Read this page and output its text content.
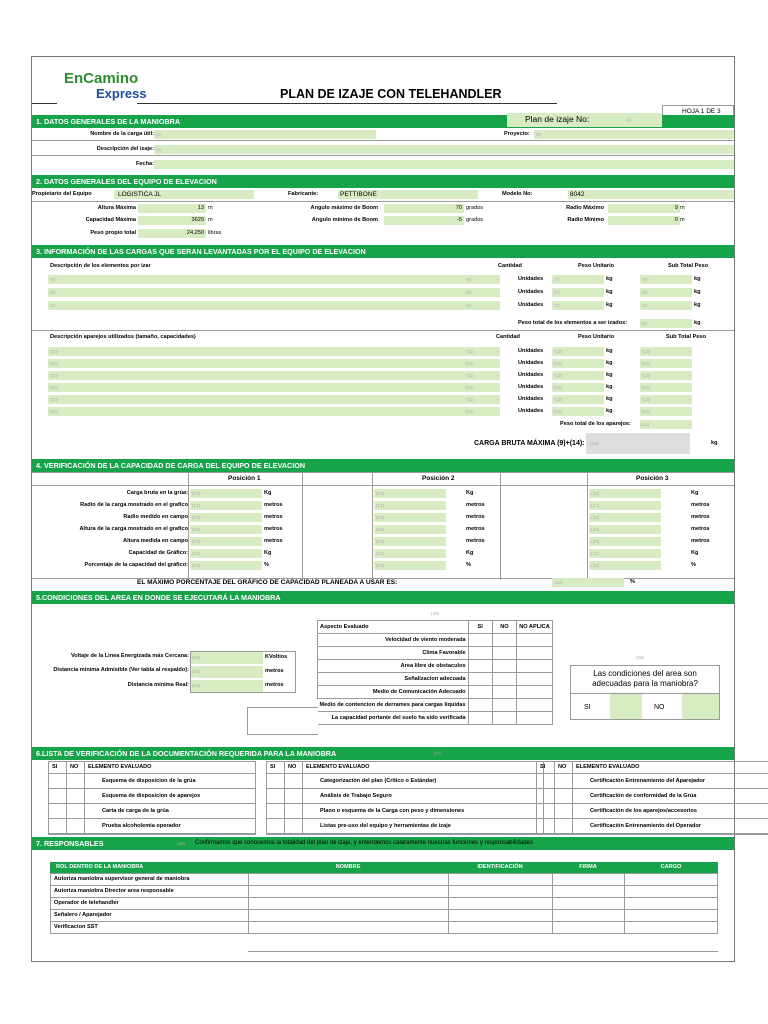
EnCamino
Express	PLAN DE IZAJE CON TELEHANDLER
HOJA 1 DE 3
1. DATOS GENERALES DE LA MANIOBRA	Plan de izaje No:	(1)
Nombre de la carga útil: (2)	Proyecto: (3)
Descripción del izaje: (4)
Fecha:
2. DATOS GENERALES DEL EQUIPO DE ELEVACION
Propietario del Equipo	LOGISTICA JL	Fabricante:	PETTIBONE	Modelo No:	8042
Altura Máxima	13 m	Angulo máximo de Boom	70 grados	Radio Máximo	9 m
Capacidad Máxima	3629 m	Angulo mínimo de Boom	-5 grados	Radio Mínimo	0 m
Peso propio total	24,250 libras
3. INFORMACIÓN DE LAS CARGAS QUE SERAN LEVANTADAS POR EL EQUIPO DE ELEVACION
Descripción de los elementos por izar	Cantidad	Peso Unitario	Sub Total Peso
(5)	(6)	Unidades (7)	kg	(8)	kg
(5)	(6)	Unidades (7)	kg	(8)	kg
(5)	(6)	Unidades (7)	kg	(8)	kg
Peso total de los elementos a ser izados:	(9)	kg
Descripción aparejos utilizados (tamaño, capacidades)	Cantidad	Peso Unitario	Sub Total Peso
(10)	(11)	Unidades (12)	kg	(13)
(10)	(11)	Unidades (12)	kg	(13)
(10)	(11)	Unidades (12)	kg	(13)
(10)	(11)	Unidades (12)	kg	(13)
(10)	(11)	Unidades (12)	kg	(13)
(10)	(11)	Unidades (12)	kg	(13)
Peso total de los aparejos: (14)
CARGA BRUTA MÁXIMA (9)+(14): (15)	kg
4. VERIFICACIÓN DE LA CAPACIDAD DE CARGA DEL EQUIPO DE ELEVACION
Posición 1	Posición 2	Posición 3
Carga bruta en la grúa: (15)	Kg	(15)	Kg	(15)	Kg
Radio de la carga mostrado en el grafico (17)	metros	(17)	metros	(17)	metros
Radio medido en campo (18)	metros	(18)	metros	(18)	metros
Altura de la carga mostrado en el grafico (19)	metros	(19)	metros	(19)	metros
Altura medida en campo (20)	metros	(20)	metros	(20)	metros
Capacidad de Gráfico: (21)	Kg	(21)	Kg	(21)	Kg
Porcentaje de la capacidad del gráfico: (22)	%	(22)	%	(22)	%
EL MÁXIMO PORCENTAJE DEL GRÁFICO DE CAPACIDAD PLANEADA A USAR ES:	(23)	%
5.CONDICIONES DEL AREA EN DONDE SE EJECUTARÁ LA MANIOBRA
(25)
Aspecto Evaluado	SI	NO	NO APLICA
Velocidad de viento moderada			
Clima Favorable			
Area libre de obstaculos			
Señalizacion adecuada			
Medio de Comunicación Adecuado			
Medio de contencion de derrames para cargas liquidas			
La capacidad portante del suelo ha sido verificada			
Voltaje de la Linea Energizada más Cercana: (24)	KVoltios
Distancia mínima Admisible (Ver tabla al respaldo): (24)	metros
Distancia mínima Real: (24)	metros
(26)
Las condiciones del area son adecuadas para la maniobra?
SI	NO
6.LISTA DE VERIFICACIÓN DE LA DOCUMENTACIÓN REQUERIDA PARA LA MANIOBRA	(27)
SI NO ELEMENTO EVALUADO
Esquema de disposicion de la grúa
Esquema de disposicion de aparejos
Carta de carga de la grúa
Prueba alcoholemia operador
SI NO ELEMENTO EVALUADO
Categorización del plan (Crítico o Estándar)
Análisis de Trabajo Seguro
Plano o esquema de la Carga con peso y dimensiones
Listas pre-uso del equipo y herramientas de izaje
SI NO ELEMENTO EVALUADO
Certificación Entrenamiento del Aparejador
Certificación de conformidad de la Grúa
Certificación de los aparejos/accesorios
Certificación Entrenamiento del Operador
7. RESPONSABLES	(28) Confirmamos que conocemos la totalidad del plan de izaje, y entendemos calaramente nuestras funciones y responsabilidades
ROL DENTRO DE LA MANIOBRA	NOMBRE	IDENTIFICACIÓN	FIRMA	CARGO
Autoriza maniobra supervisor general de maniobra
Autoriza maniobra Director area responsable
Operador de telehandler
Señalero / Aparejador
Verificacion SST
